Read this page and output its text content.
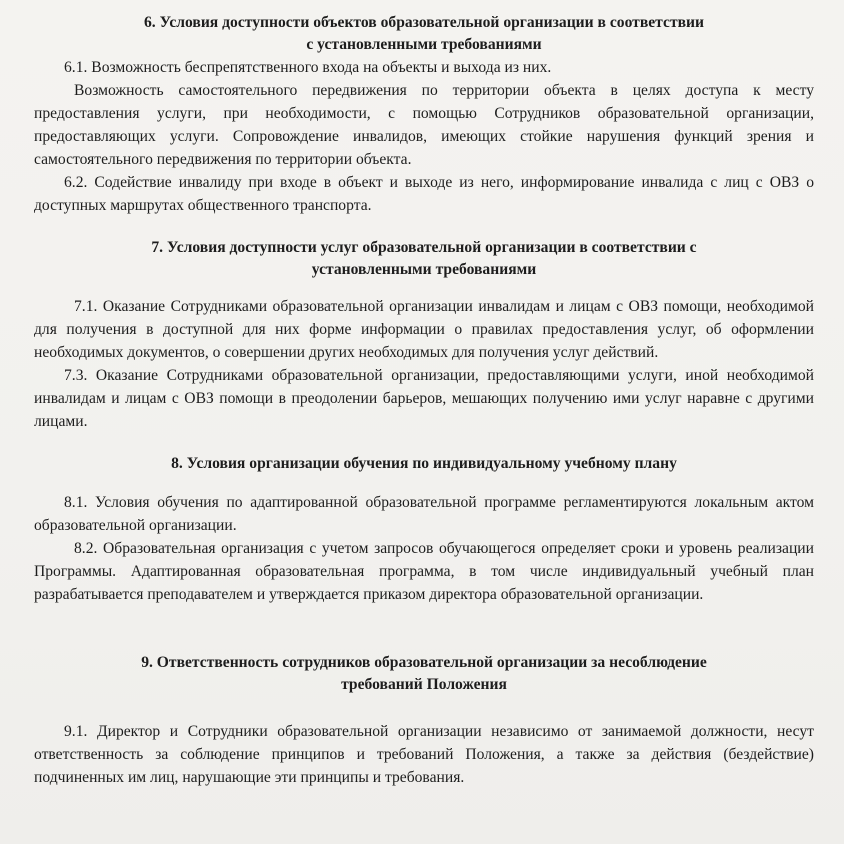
6. Условия доступности объектов образовательной организации в соответствии
с установленными требованиями

6.1. Возможность беспрепятственного входа на объекты и выхода из них.

Возможность самостоятельного передвижения по территории объекта в целях доступа к месту предоставления услуги, при необходимости, с помощью Сотрудников образовательной организации, предоставляющих услуги. Сопровождение инвалидов, имеющих стойкие нарушения функций зрения и самостоятельного передвижения по территории объекта.

6.2. Содействие инвалиду при входе в объект и выходе из него, информирование инвалида с лиц с ОВЗ о доступных маршрутах общественного транспорта.

7. Условия доступности услуг образовательной организации в соответствии с
установленными требованиями

7.1. Оказание Сотрудниками образовательной организации инвалидам и лицам с ОВЗ помощи, необходимой для получения в доступной для них форме информации о правилах предоставления услуг, об оформлении необходимых документов, о совершении других необходимых для получения услуг действий.

7.3. Оказание Сотрудниками образовательной организации, предоставляющими услуги, иной необходимой инвалидам и лицам с ОВЗ помощи в преодолении барьеров, мешающих получению ими услуг наравне с другими лицами.

8. Условия организации обучения по индивидуальному учебному плану

8.1. Условия обучения по адаптированной образовательной программе регламентируются локальным актом образовательной организации.

8.2. Образовательная организация с учетом запросов обучающегося определяет сроки и уровень реализации Программы. Адаптированная образовательная программа, в том числе индивидуальный учебный план разрабатывается преподавателем и утверждается приказом директора образовательной организации.

9. Ответственность сотрудников образовательной организации за несоблюдение
требований Положения

9.1. Директор и Сотрудники образовательной организации независимо от занимаемой должности, несут ответственность за соблюдение принципов и требований Положения, а также за действия (бездействие) подчиненных им лиц, нарушающие эти принципы и требования.
